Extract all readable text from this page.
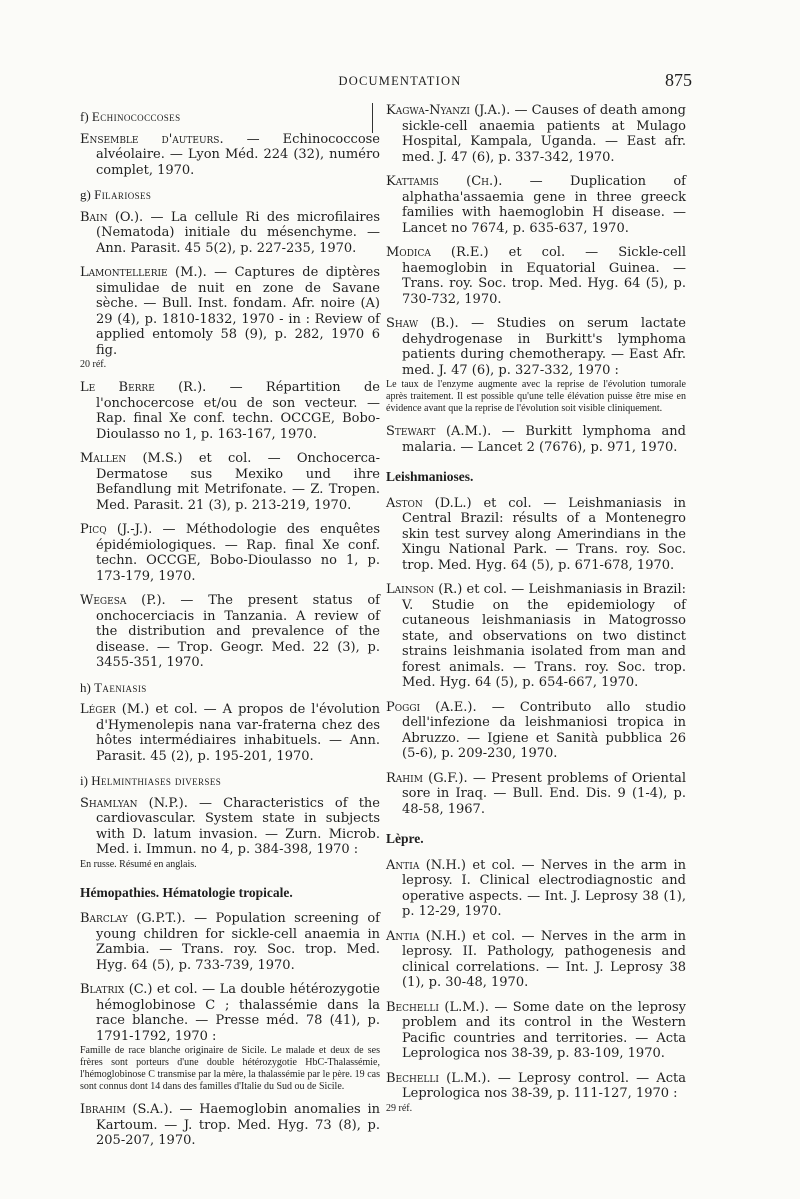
DOCUMENTATION	875
f) Echinococcoses

Ensemble d'auteurs. — Echinococcose alvéolaire. — Lyon Méd. 224 (32), numéro complet, 1970.

g) Filarioses

Bain (O.). — La cellule Ri des microfilaires (Nematoda) initiale du mésenchyme. — Ann. Parasit. 45 5(2), p. 227-235, 1970.

Lamontellerie (M.). — Captures de diptères simulidae de nuit en zone de Savane sèche. — Bull. Inst. fondam. Afr. noire (A) 29 (4), p. 1810-1832, 1970 - in : Review of applied entomoly 58 (9), p. 282, 1970 6 fig.

20 réf.

Le Berre (R.). — Répartition de l'onchocercose et/ou de son vecteur. — Rap. final Xe conf. techn. OCCGE, Bobo-Dioulasso no 1, p. 163-167, 1970.

Mallen (M.S.) et col. — Onchocerca-Dermatose sus Mexiko und ihre Befandlung mit Metrifonate. — Z. Tropen. Med. Parasit. 21 (3), p. 213-219, 1970.

Picq (J.-J.). — Méthodologie des enquêtes épidémiologiques. — Rap. final Xe conf. techn. OCCGE, Bobo-Dioulasso no 1, p. 173-179, 1970.

Wegesa (P.). — The present status of onchocerciacis in Tanzania. A review of the distribution and prevalence of the disease. — Trop. Geogr. Med. 22 (3), p. 3455-351, 1970.

h) Taeniasis

Léger (M.) et col. — A propos de l'évolution d'Hymenolepis nana var-fraterna chez des hôtes intermédiaires inhabituels. — Ann. Parasit. 45 (2), p. 195-201, 1970.

i) Helminthiases diverses

Shamlyan (N.P.). — Characteristics of the cardiovascular. System state in subjects with D. latum invasion. — Zurn. Microb. Med. i. Immun. no 4, p. 384-398, 1970 :

En russe. Résumé en anglais.
Hémopathies. Hématologie tropicale.

Barclay (G.P.T.). — Population screening of young children for sickle-cell anaemia in Zambia. — Trans. roy. Soc. trop. Med. Hyg. 64 (5), p. 733-739, 1970.

Blatrix (C.) et col. — La double hétérozygotie hémoglobinose C ; thalassémie dans la race blanche. — Presse méd. 78 (41), p. 1791-1792, 1970 :

Famille de race blanche originaire de Sicile. Le malade et deux de ses frères sont porteurs d'une double hétérozygotie HbC-Thalassémie, l'hémoglobinose C transmise par la mère, la thalassémie par le père. 19 cas sont connus dont 14 dans des familles d'Italie du Sud ou de Sicile.

Ibrahim (S.A.). — Haemoglobin anomalies in Kartoum. — J. trop. Med. Hyg. 73 (8), p. 205-207, 1970.

Kagwa-Nyanzi (J.A.). — Causes of death among sickle-cell anaemia patients at Mulago Hospital, Kampala, Uganda. — East afr. med. J. 47 (6), p. 337-342, 1970.

Kattamis (Ch.). — Duplication of alphatha'assaemia gene in three greeck families with haemoglobin H disease. — Lancet no 7674, p. 635-637, 1970.

Modica (R.E.) et col. — Sickle-cell haemoglobin in Equatorial Guinea. — Trans. roy. Soc. trop. Med. Hyg. 64 (5), p. 730-732, 1970.

Shaw (B.). — Studies on serum lactate dehydrogenase in Burkitt's lymphoma patients during chemotherapy. — East Afr. med. J. 47 (6), p. 327-332, 1970 :

Le taux de l'enzyme augmente avec la reprise de l'évolution tumorale après traitement. Il est possible qu'une telle élévation puisse être mise en évidence avant que la reprise de l'évolution soit visible cliniquement.

Stewart (A.M.). — Burkitt lymphoma and malaria. — Lancet 2 (7676), p. 971, 1970.

Leishmanioses.

Aston (D.L.) et col. — Leishmaniasis in Central Brazil: résults of a Montenegro skin test survey along Amerindians in the Xingu National Park. — Trans. roy. Soc. trop. Med. Hyg. 64 (5), p. 671-678, 1970.

Lainson (R.) et col. — Leishmaniasis in Brazil: V. Studie on the epidemiology of cutaneous leishmaniasis in Matogrosso state, and observations on two distinct strains leishmania isolated from man and forest animals. — Trans. roy. Soc. trop. Med. Hyg. 64 (5), p. 654-667, 1970.

Poggi (A.E.). — Contributo allo studio dell'infezione da leishmaniosi tropica in Abruzzo. — Igiene et Sanità pubblica 26 (5-6), p. 209-230, 1970.

Rahim (G.F.). — Present problems of Oriental sore in Iraq. — Bull. End. Dis. 9 (1-4), p. 48-58, 1967.

Lèpre.

Antia (N.H.) et col. — Nerves in the arm in leprosy. I. Clinical electrodiagnostic and operative aspects. — Int. J. Leprosy 38 (1), p. 12-29, 1970.

Antia (N.H.) et col. — Nerves in the arm in leprosy. II. Pathology, pathogenesis and clinical correlations. — Int. J. Leprosy 38 (1), p. 30-48, 1970.

Bechelli (L.M.). — Some date on the leprosy problem and its control in the Western Pacific countries and territories. — Acta Leprologica nos 38-39, p. 83-109, 1970.

Bechelli (L.M.). — Leprosy control. — Acta Leprologica nos 38-39, p. 111-127, 1970 :

29 réf.
